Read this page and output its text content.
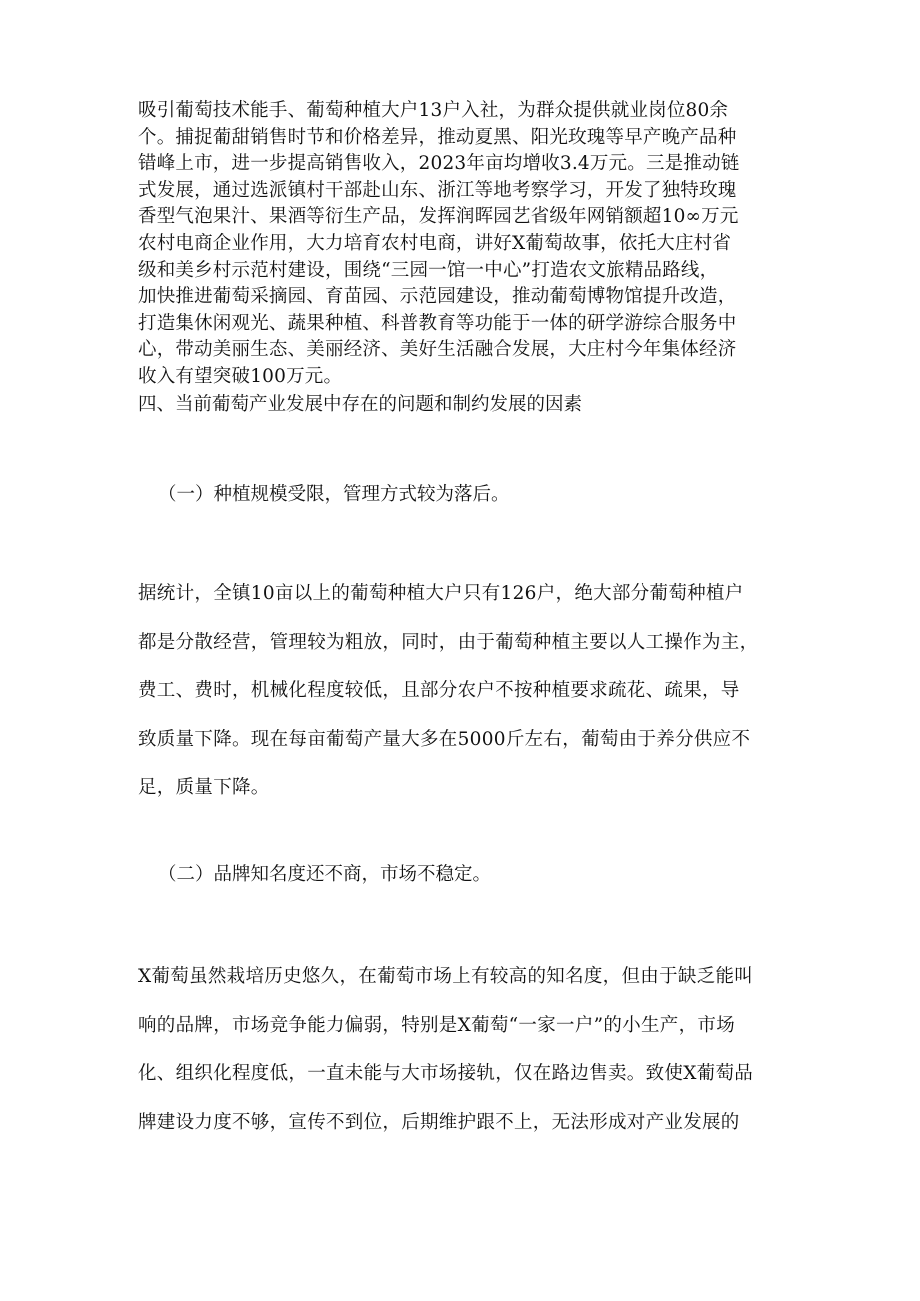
吸引葡萄技术能手、葡萄种植大户13户入社，为群众提供就业岗位80余
个。捕捉葡甜销售时节和价格差异，推动夏黑、阳光玫瑰等早产晚产品种
错峰上市，进一步提高销售收入，2023年亩均增收3.4万元。三是推动链
式发展，通过选派镇村干部赴山东、浙江等地考察学习，开发了独特玫瑰
香型气泡果汁、果酒等衍生产品，发挥润晖园艺省级年网销额超10∞万元
农村电商企业作用，大力培育农村电商，讲好X葡萄故事，依托大庄村省
级和美乡村示范村建设，围绕“三园一馆一中心”打造农文旅精品路线，
加快推进葡萄采摘园、育苗园、示范园建设，推动葡萄博物馆提升改造，
打造集休闲观光、蔬果种植、科普教育等功能于一体的研学游综合服务中
心，带动美丽生态、美丽经济、美好生活融合发展，大庄村今年集体经济
收入有望突破100万元。

四、当前葡萄产业发展中存在的问题和制约发展的因素

（一）种植规模受限，管理方式较为落后。

据统计，全镇10亩以上的葡萄种植大户只有126户，绝大部分葡萄种植户
都是分散经营，管理较为粗放，同时，由于葡萄种植主要以人工操作为主，
费工、费时，机械化程度较低，且部分农户不按种植要求疏花、疏果，导
致质量下降。现在每亩葡萄产量大多在5000斤左右，葡萄由于养分供应不
足，质量下降。

（二）品牌知名度还不商，市场不稳定。

X葡萄虽然栽培历史悠久，在葡萄市场上有较高的知名度，但由于缺乏能叫
响的品牌，市场竞争能力偏弱，特别是X葡萄“一家一户”的小生产，市场
化、组织化程度低，一直未能与大市场接轨，仅在路边售卖。致使X葡萄品
牌建设力度不够，宣传不到位，后期维护跟不上，无法形成对产业发展的
